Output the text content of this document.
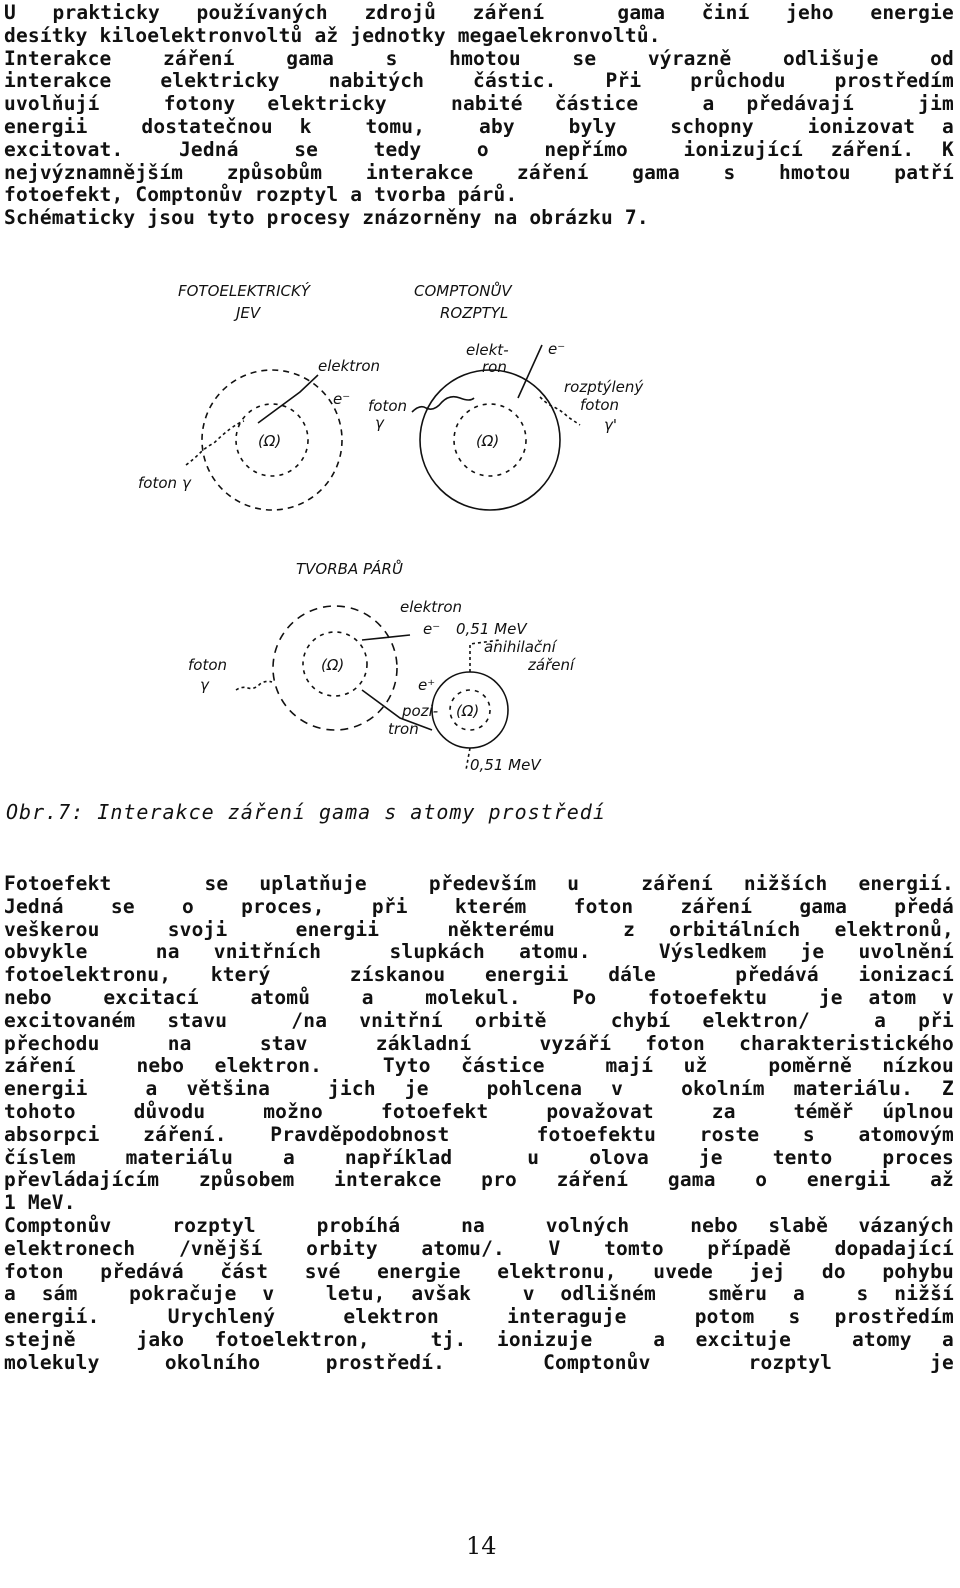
U prakticky používaných zdrojů záření  gama činí jeho energie
desítky kiloelektronvoltů až jednotky megaelekronvoltů.
Interakce  záření  gama  s  hmotou  se  výrazně  odlišuje  od
interakce elektricky nabitých částic. Při průchodu prostředím
uvolňují  fotony elektricky  nabité částice  a předávají  jim
energii  dostatečnou k  tomu,  aby  byly  schopny  ionizovat a
excitovat.  Jedná  se  tedy  o  nepřímo  ionizující záření. K
nejvýznamnějším způsobům interakce záření gama s hmotou patří
fotoefekt, Comptonův rozptyl a tvorba párů.
Schématicky jsou tyto procesy znázorněny na obrázku 7.
(Ω)	(Ω)
(Ω)
(Ω)
FOTOELEKTRICKÝ
JEV
COMPTONŮV
ROZPTYL
TVORBA PÁRŮ
elektron
e⁻
foton γ
foton
γ
elekt-
ron
e⁻
rozptýlený
foton
γ'
elektron
e⁻ 0,51 MeV
anihilační
záření
foton
γ	e⁺
pozi-
tron
0,51 MeV
Obr.7: Interakce záření gama s atomy prostředí
Fotoefekt   se uplatňuje  především u  záření nižších energií.
Jedná  se  o  proces,  při  kterém  foton  záření  gama  předá
veškerou  svoji  energii  některému  z orbitálních elektronů,
obvykle  na vnitřních  slupkách atomu.  Výsledkem je uvolnění
fotoelektronu, který  získanou energii dále  předává ionizací
nebo  excitací  atomů  a  molekul.  Po  fotoefektu  je atom v
excitovaném stavu  /na vnitřní orbitě  chybí elektron/  a při
přechodu  na  stav  základní  vyzáří foton charakteristického
záření  nebo elektron.  Tyto částice  mají už  poměrně nízkou
energii  a většina  jich je  pohlcena v  okolním materiálu. Z
tohoto  důvodu  možno  fotoefekt  považovat  za  téměř úplnou
absorpci záření. Pravděpodobnost  fotoefektu roste s atomovým
číslem  materiálu  a  například   u  olova  je  tento  proces
převládajícím způsobem interakce pro záření gama o energii až
1 MeV.
Comptonův  rozptyl  probíhá  na  volných  nebo slabě vázaných
elektronech /vnější orbity atomu/. V tomto případě dopadající
foton předává část své energie elektronu, uvede jej do pohybu
a sám  pokračuje v  letu, avšak  v odlišném  směru a  s nižší
energií.  Urychlený  elektron  interaguje  potom s prostředím
stejně  jako fotoelektron,  tj. ionizuje  a excituje  atomy a
molekuly  okolního  prostředí.   Comptonův   rozptyl   je
14
